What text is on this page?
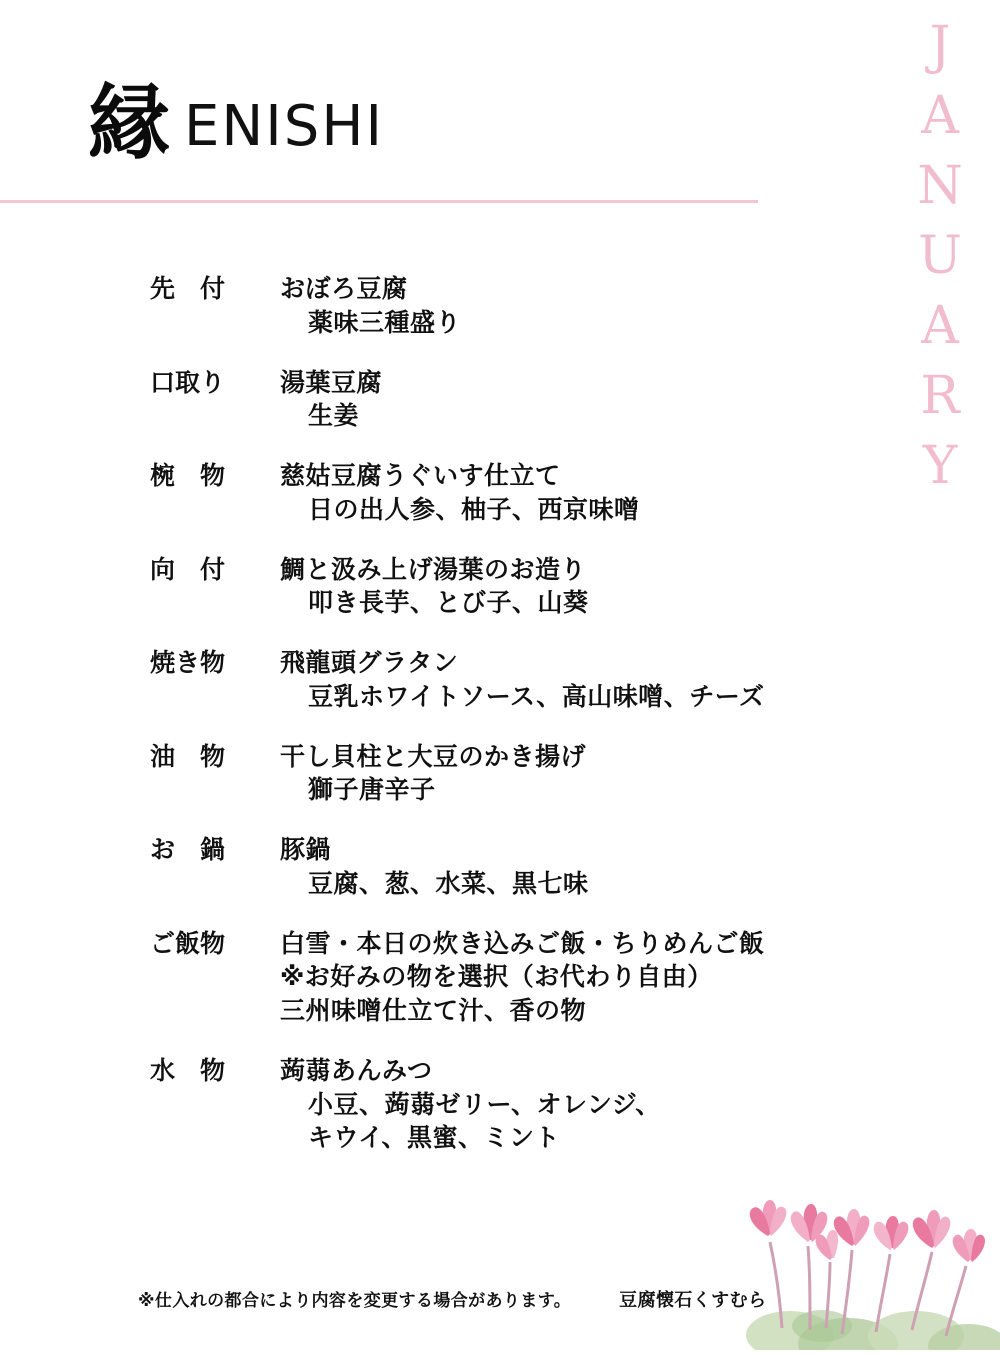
縁 ENISHI	JANUARY
先　付	おぼろ豆腐
薬味三種盛り
口取り	湯葉豆腐
生姜
椀　物	慈姑豆腐うぐいす仕立て
日の出人参、柚子、西京味噌
向　付	鯛と汲み上げ湯葉のお造り
叩き長芋、とび子、山葵
焼き物	飛龍頭グラタン
豆乳ホワイトソース、高山味噌、チーズ
油　物	干し貝柱と大豆のかき揚げ
獅子唐辛子
お　鍋	豚鍋
豆腐、葱、水菜、黒七味
ご飯物	白雪・本日の炊き込みご飯・ちりめんご飯
※お好みの物を選択（お代わり自由）
三州味噌仕立て汁、香の物
水　物	蒟蒻あんみつ
小豆、蒟蒻ゼリー、オレンジ、
キウイ、黒蜜、ミント
※仕入れの都合により内容を変更する場合があります。	豆腐懐石くすむら
